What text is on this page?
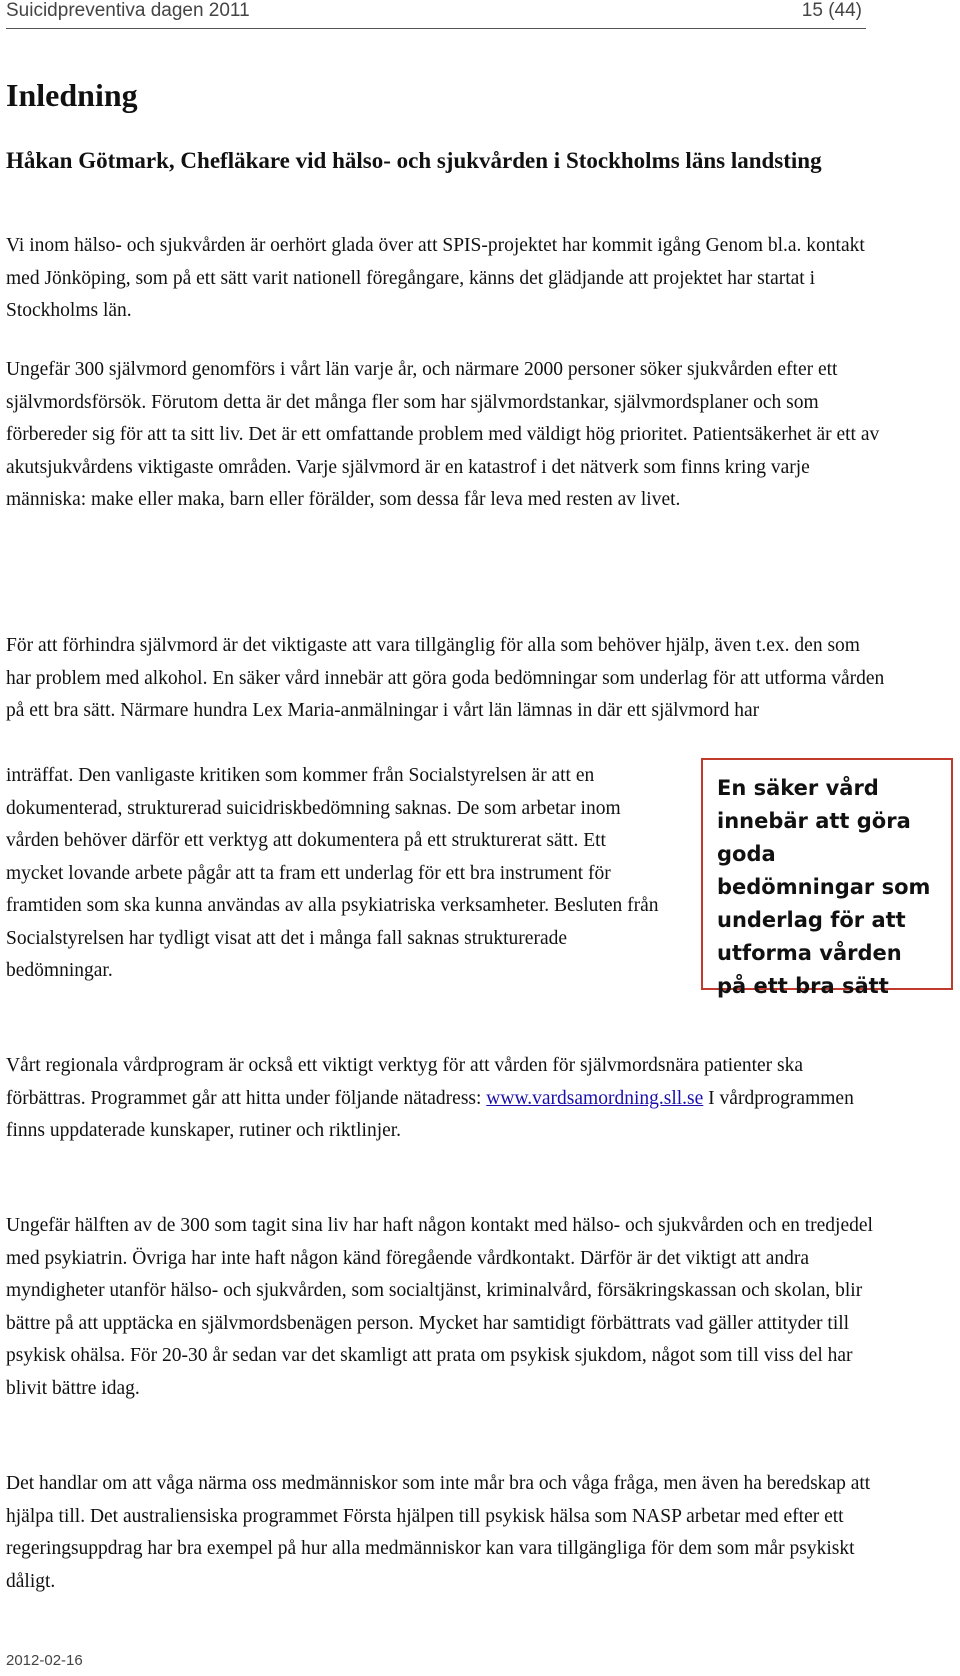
Suicidpreventiva dagen 2011	15 (44)
Inledning

Håkan Götmark, Chefläkare vid hälso- och sjukvården i Stockholms läns landsting

Vi inom hälso- och sjukvården är oerhört glada över att SPIS-projektet har kommit igång Genom bl.a. kontakt med Jönköping, som på ett sätt varit nationell föregångare, känns det glädjande att projektet har startat i Stockholms län.

Ungefär 300 självmord genomförs i vårt län varje år, och närmare 2000 personer söker sjukvården efter ett självmordsförsök. Förutom detta är det många fler som har självmordstankar, självmordsplaner och som förbereder sig för att ta sitt liv. Det är ett omfattande problem med väldigt hög prioritet. Patientsäkerhet är ett av akutsjukvårdens viktigaste områden. Varje självmord är en katastrof i det nätverk som finns kring varje människa: make eller maka, barn eller förälder, som dessa får leva med resten av livet.

För att förhindra självmord är det viktigaste att vara tillgänglig för alla som behöver hjälp, även t.ex. den som har problem med alkohol. En säker vård innebär att göra goda bedömningar som underlag för att utforma vården på ett bra sätt. Närmare hundra Lex Maria-anmälningar i vårt län lämnas in där ett självmord har

inträffat. Den vanligaste kritiken som kommer från Socialstyrelsen är att en dokumenterad, strukturerad suicidriskbedömning saknas. De som arbetar inom vården behöver därför ett verktyg att dokumentera på ett strukturerat sätt. Ett mycket lovande arbete pågår att ta fram ett underlag för ett bra instrument för framtiden som ska kunna användas av alla psykiatriska verksamheter. Besluten från Socialstyrelsen har tydligt visat att det i många fall saknas strukturerade bedömningar.

En säker vård innebär att göra goda bedömningar som underlag för att utforma vården på ett bra sätt

Vårt regionala vårdprogram är också ett viktigt verktyg för att vården för självmordsnära patienter ska förbättras. Programmet går att hitta under följande nätadress: www.vardsamordning.sll.se I vårdprogrammen finns uppdaterade kunskaper, rutiner och riktlinjer.

Ungefär hälften av de 300 som tagit sina liv har haft någon kontakt med hälso- och sjukvården och en tredjedel med psykiatrin. Övriga har inte haft någon känd föregående vårdkontakt. Därför är det viktigt att andra myndigheter utanför hälso- och sjukvården, som socialtjänst, kriminalvård, försäkringskassan och skolan, blir bättre på att upptäcka en självmordsbenägen person. Mycket har samtidigt förbättrats vad gäller attityder till psykisk ohälsa. För 20-30 år sedan var det skamligt att prata om psykisk sjukdom, något som till viss del har blivit bättre idag.

Det handlar om att våga närma oss medmänniskor som inte mår bra och våga fråga, men även ha beredskap att hjälpa till. Det australiensiska programmet Första hjälpen till psykisk hälsa som NASP arbetar med efter ett regeringsuppdrag har bra exempel på hur alla medmänniskor kan vara tillgängliga för dem som mår psykiskt dåligt.

2012-02-16
